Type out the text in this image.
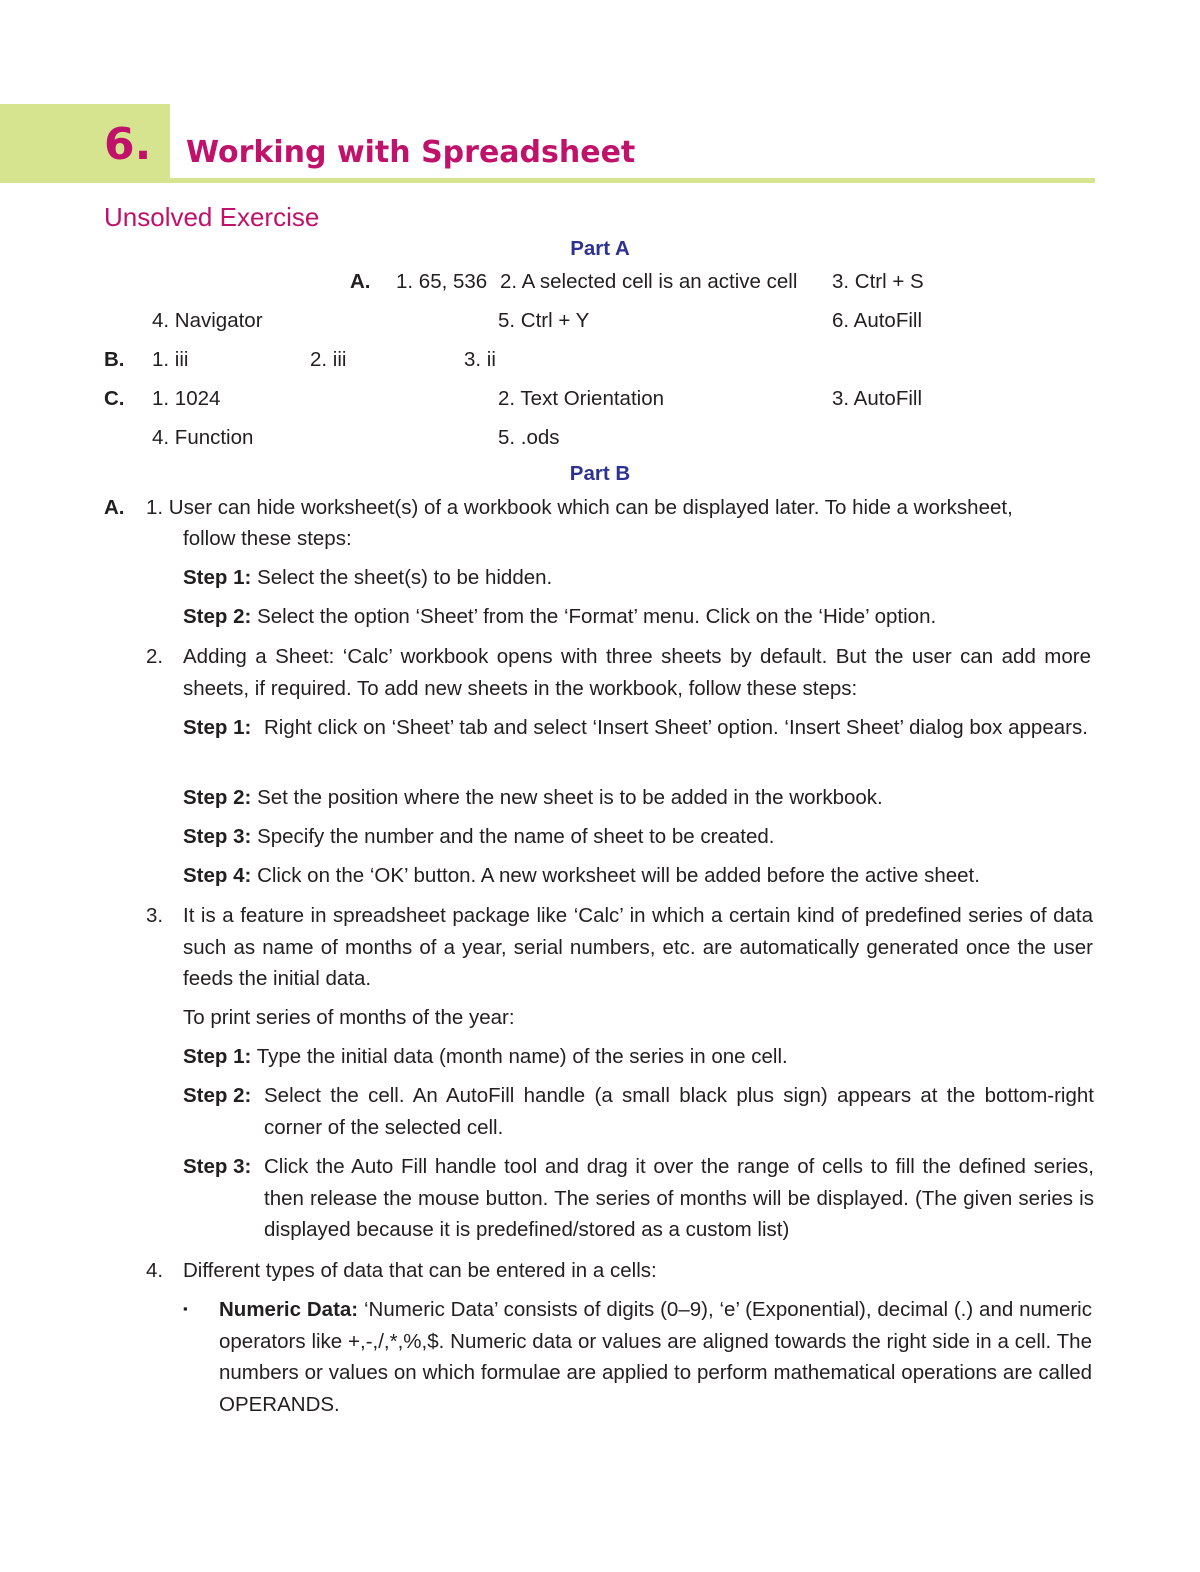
6. Working with Spreadsheet
Unsolved Exercise
Part A
A. 1. 65, 536 2. A selected cell is an active cell 3. Ctrl + S
4. Navigator	5. Ctrl + Y	6. AutoFill
B. 1. iii	2. iii	3. ii
C. 1. 1024	2. Text Orientation	3. AutoFill
4. Function	5. .ods
Part B
A. 1. User can hide worksheet(s) of a workbook which can be displayed later. To hide a worksheet,
follow these steps:
Step 1: Select the sheet(s) to be hidden.
Step 2: Select the option ‘Sheet’ from the ‘Format’ menu. Click on the ‘Hide’ option.
2. Adding a Sheet: ‘Calc’ workbook opens with three sheets by default. But the user can add more sheets, if required. To add new sheets in the workbook, follow these steps:
Step 1: Right click on ‘Sheet’ tab and select ‘Insert Sheet’ option. ‘Insert Sheet’ dialog box appears.
Step 2: Set the position where the new sheet is to be added in the workbook.
Step 3: Specify the number and the name of sheet to be created.
Step 4: Click on the ‘OK’ button. A new worksheet will be added before the active sheet.
3. It is a feature in spreadsheet package like ‘Calc’ in which a certain kind of predefined series of data such as name of months of a year, serial numbers, etc. are automatically generated once the user feeds the initial data.
To print series of months of the year:
Step 1: Type the initial data (month name) of the series in one cell.
Step 2: Select the cell. An AutoFill handle (a small black plus sign) appears at the bottom-right corner of the selected cell.
Step 3: Click the Auto Fill handle tool and drag it over the range of cells to fill the defined series, then release the mouse button. The series of months will be displayed. (The given series is displayed because it is predefined/stored as a custom list)
4. Different types of data that can be entered in a cells:
▪ Numeric Data: ‘Numeric Data’ consists of digits (0–9), ‘e’ (Exponential), decimal (.) and numeric operators like +,-,/,*,%,$. Numeric data or values are aligned towards the right side in a cell. The numbers or values on which formulae are applied to perform mathematical operations are called OPERANDS.
